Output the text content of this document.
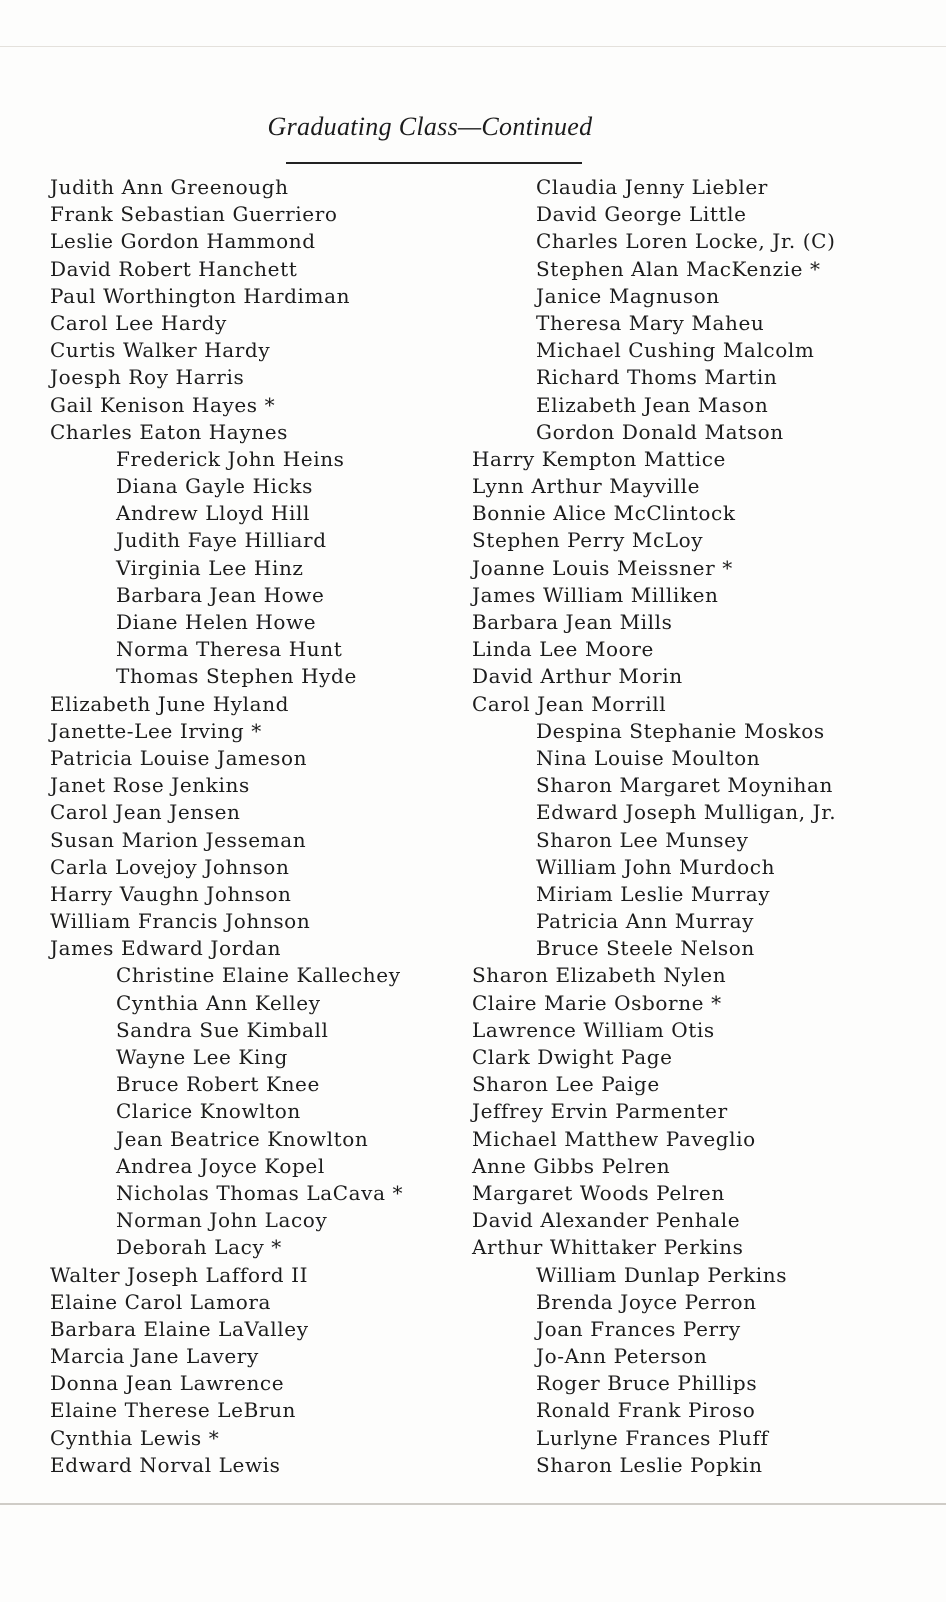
Graduating Class—Continued
Judith Ann Greenough
Frank Sebastian Guerriero
Leslie Gordon Hammond
David Robert Hanchett
Paul Worthington Hardiman
Carol Lee Hardy
Curtis Walker Hardy
Joesph Roy Harris
Gail Kenison Hayes *
Charles Eaton Haynes
Frederick John Heins
Diana Gayle Hicks
Andrew Lloyd Hill
Judith Faye Hilliard
Virginia Lee Hinz
Barbara Jean Howe
Diane Helen Howe
Norma Theresa Hunt
Thomas Stephen Hyde
Elizabeth June Hyland
Janette-Lee Irving *
Patricia Louise Jameson
Janet Rose Jenkins
Carol Jean Jensen
Susan Marion Jesseman
Carla Lovejoy Johnson
Harry Vaughn Johnson
William Francis Johnson
James Edward Jordan
Christine Elaine Kallechey
Cynthia Ann Kelley
Sandra Sue Kimball
Wayne Lee King
Bruce Robert Knee
Clarice Knowlton
Jean Beatrice Knowlton
Andrea Joyce Kopel
Nicholas Thomas LaCava *
Norman John Lacoy
Deborah Lacy *
Walter Joseph Lafford II
Elaine Carol Lamora
Barbara Elaine LaValley
Marcia Jane Lavery
Donna Jean Lawrence
Elaine Therese LeBrun
Cynthia Lewis *
Edward Norval Lewis
Claudia Jenny Liebler
David George Little
Charles Loren Locke, Jr. (C)
Stephen Alan MacKenzie *
Janice Magnuson
Theresa Mary Maheu
Michael Cushing Malcolm
Richard Thoms Martin
Elizabeth Jean Mason
Gordon Donald Matson
Harry Kempton Mattice
Lynn Arthur Mayville
Bonnie Alice McClintock
Stephen Perry McLoy
Joanne Louis Meissner *
James William Milliken
Barbara Jean Mills
Linda Lee Moore
David Arthur Morin
Carol Jean Morrill
Despina Stephanie Moskos
Nina Louise Moulton
Sharon Margaret Moynihan
Edward Joseph Mulligan, Jr.
Sharon Lee Munsey
William John Murdoch
Miriam Leslie Murray
Patricia Ann Murray
Bruce Steele Nelson
Sharon Elizabeth Nylen
Claire Marie Osborne *
Lawrence William Otis
Clark Dwight Page
Sharon Lee Paige
Jeffrey Ervin Parmenter
Michael Matthew Paveglio
Anne Gibbs Pelren
Margaret Woods Pelren
David Alexander Penhale
Arthur Whittaker Perkins
William Dunlap Perkins
Brenda Joyce Perron
Joan Frances Perry
Jo-Ann Peterson
Roger Bruce Phillips
Ronald Frank Piroso
Lurlyne Frances Pluff
Sharon Leslie Popkin
